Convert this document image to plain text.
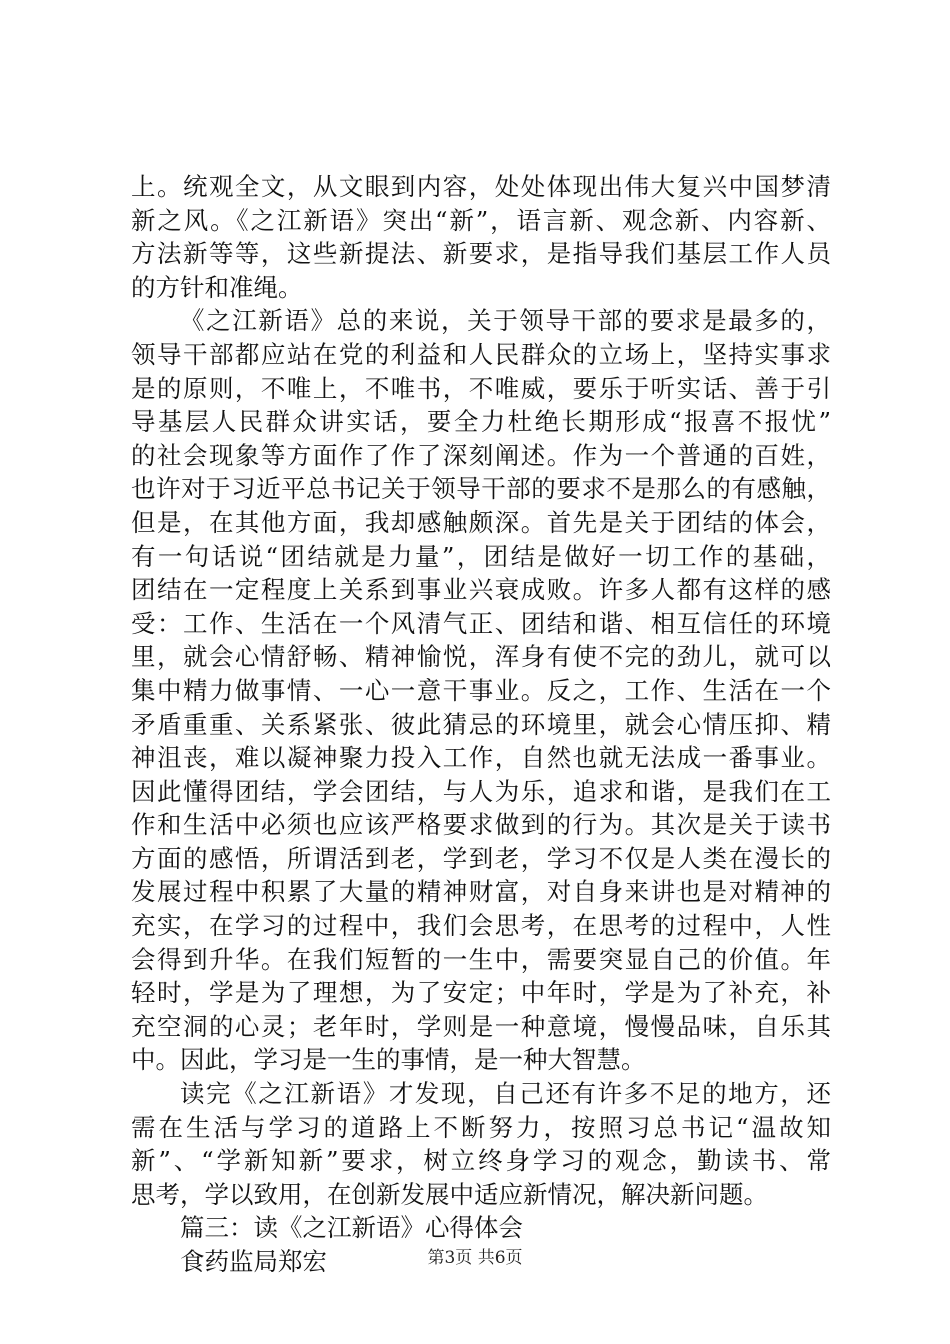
上。统观全文，从文眼到内容，处处体现出伟大复兴中国梦清
新之风。《之江新语》突出“新”，语言新、观念新、内容新、
方法新等等，这些新提法、新要求，是指导我们基层工作人员
的方针和准绳。
《之江新语》总的来说，关于领导干部的要求是最多的，
领导干部都应站在党的利益和人民群众的立场上，坚持实事求
是的原则，不唯上，不唯书，不唯威，要乐于听实话、善于引
导基层人民群众讲实话，要全力杜绝长期形成“报喜不报忧”
的社会现象等方面作了作了深刻阐述。作为一个普通的百姓，
也许对于习近平总书记关于领导干部的要求不是那么的有感触，
但是，在其他方面，我却感触颇深。首先是关于团结的体会，
有一句话说“团结就是力量”，团结是做好一切工作的基础，
团结在一定程度上关系到事业兴衰成败。许多人都有这样的感
受：工作、生活在一个风清气正、团结和谐、相互信任的环境
里，就会心情舒畅、精神愉悦，浑身有使不完的劲儿，就可以
集中精力做事情、一心一意干事业。反之，工作、生活在一个
矛盾重重、关系紧张、彼此猜忌的环境里，就会心情压抑、精
神沮丧，难以凝神聚力投入工作，自然也就无法成一番事业。
因此懂得团结，学会团结，与人为乐，追求和谐，是我们在工
作和生活中必须也应该严格要求做到的行为。其次是关于读书
方面的感悟，所谓活到老，学到老，学习不仅是人类在漫长的
发展过程中积累了大量的精神财富，对自身来讲也是对精神的
充实，在学习的过程中，我们会思考，在思考的过程中，人性
会得到升华。在我们短暂的一生中，需要突显自己的价值。年
轻时，学是为了理想，为了安定；中年时，学是为了补充，补
充空洞的心灵；老年时，学则是一种意境，慢慢品味，自乐其
中。因此，学习是一生的事情，是一种大智慧。
读完《之江新语》才发现，自己还有许多不足的地方，还
需在生活与学习的道路上不断努力，按照习总书记“温故知
新”、“学新知新”要求，树立终身学习的观念，勤读书、常
思考，学以致用，在创新发展中适应新情况，解决新问题。
篇三：读《之江新语》心得体会
食药监局郑宏	第3页 共6页
